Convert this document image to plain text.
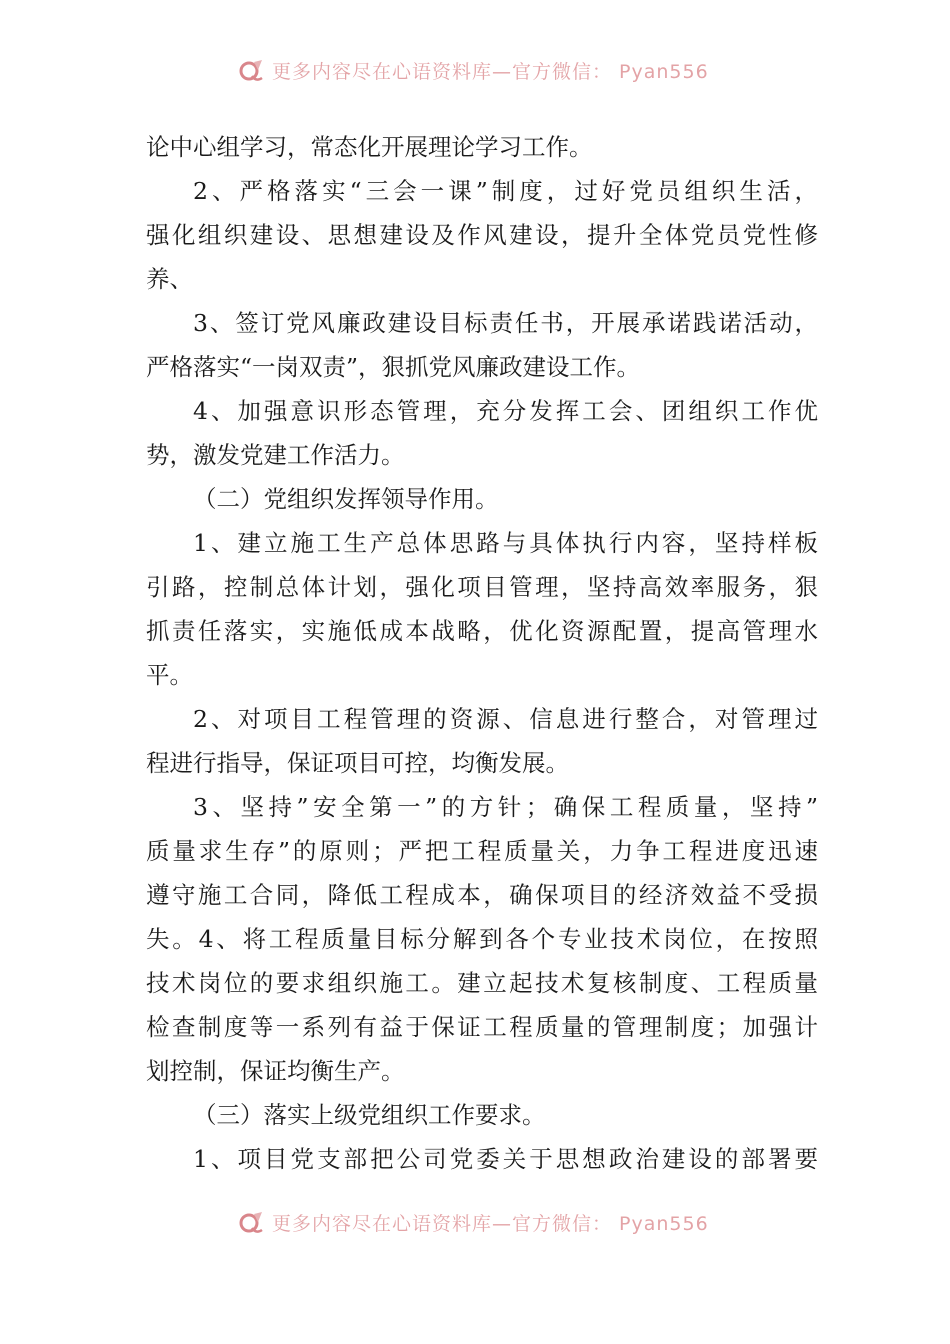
更多内容尽在心语资料库—官方微信： Pyan556
论中心组学习，常态化开展理论学习工作。
2、严格落实“三会一课”制度，过好党员组织生活，
强化组织建设、思想建设及作风建设，提升全体党员党性修
养、
3、签订党风廉政建设目标责任书，开展承诺践诺活动，
严格落实“一岗双责”，狠抓党风廉政建设工作。
4、加强意识形态管理，充分发挥工会、团组织工作优
势，激发党建工作活力。
（二）党组织发挥领导作用。
1、建立施工生产总体思路与具体执行内容，坚持样板
引路，控制总体计划，强化项目管理，坚持高效率服务，狠
抓责任落实，实施低成本战略，优化资源配置，提高管理水
平。
2、对项目工程管理的资源、信息进行整合，对管理过
程进行指导，保证项目可控，均衡发展。
3、坚持”安全第一”的方针；确保工程质量，坚持”
质量求生存”的原则；严把工程质量关，力争工程进度迅速
遵守施工合同，降低工程成本，确保项目的经济效益不受损
失。4、将工程质量目标分解到各个专业技术岗位，在按照
技术岗位的要求组织施工。建立起技术复核制度、工程质量
检查制度等一系列有益于保证工程质量的管理制度；加强计
划控制，保证均衡生产。
（三）落实上级党组织工作要求。
1、项目党支部把公司党委关于思想政治建设的部署要
更多内容尽在心语资料库—官方微信： Pyan556
